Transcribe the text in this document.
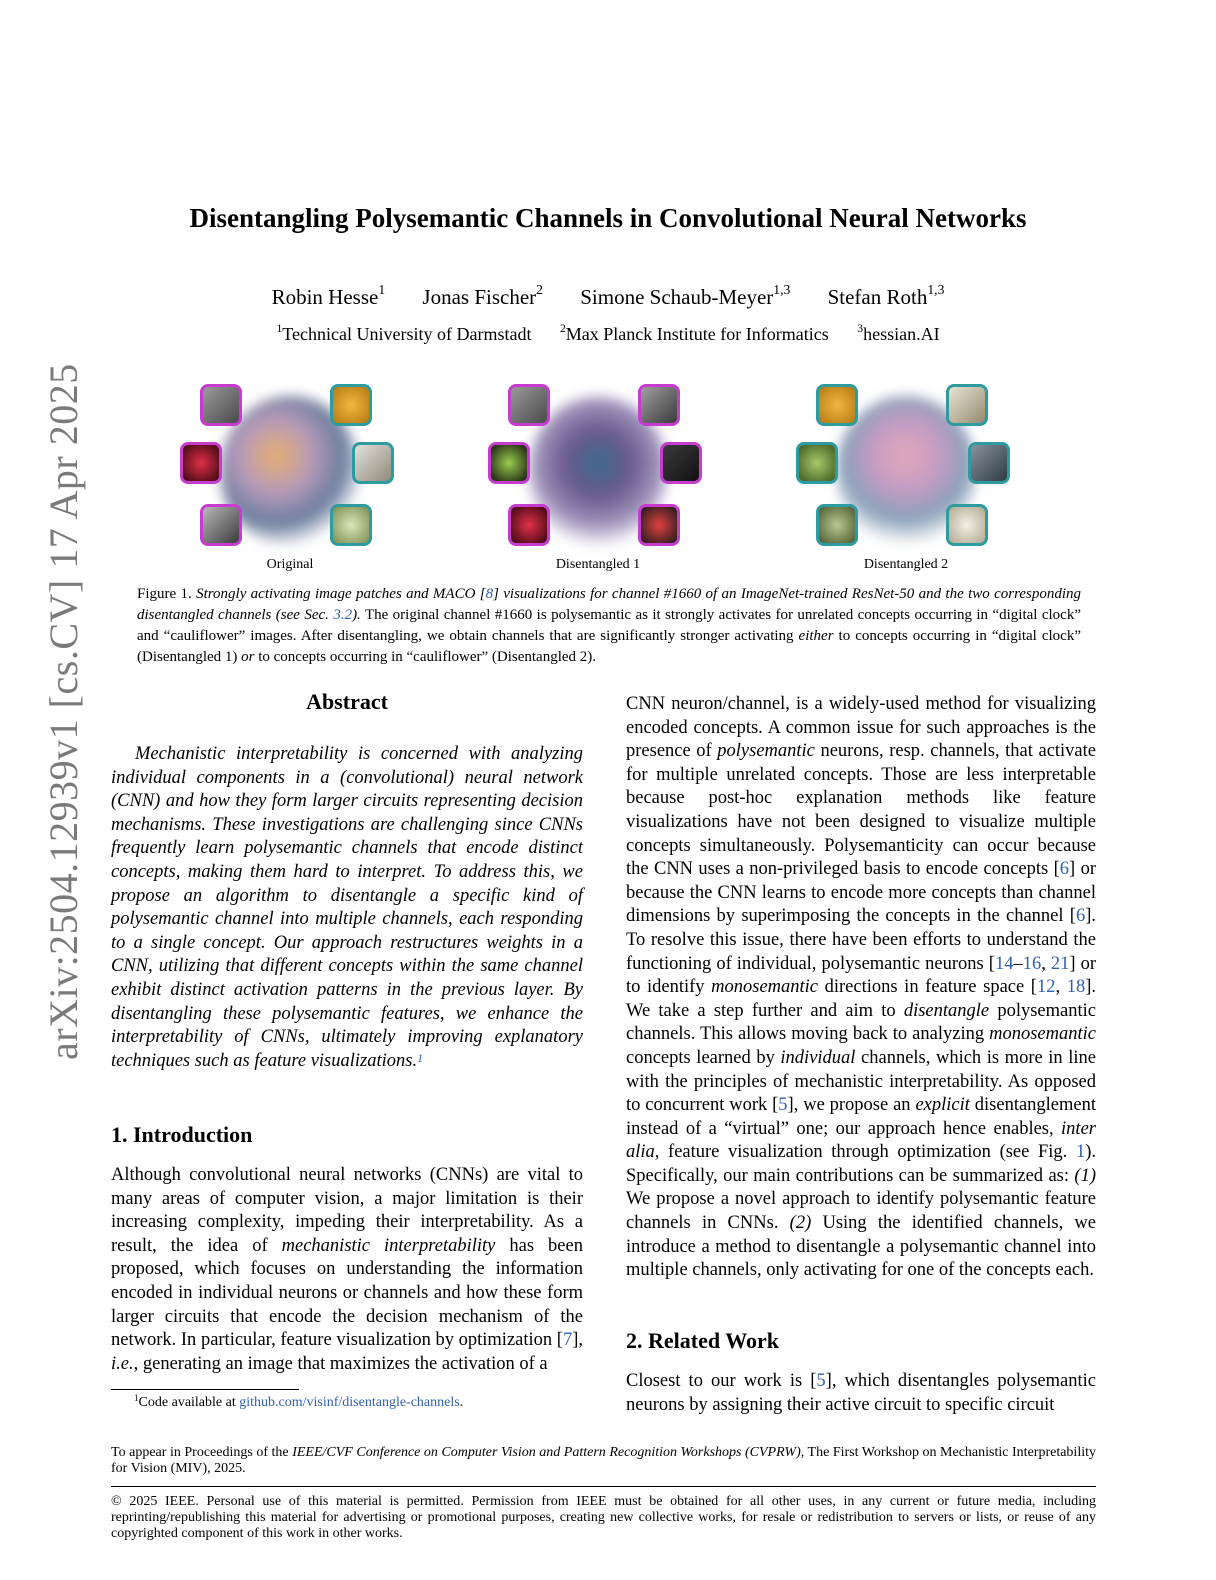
arXiv:2504.12939v1 [cs.CV] 17 Apr 2025
Disentangling Polysemantic Channels in Convolutional Neural Networks
Robin Hesse$^1$ Jonas Fischer$^2$ Simone Schaub-Meyer$^{1,3}$ Stefan Roth$^{1,3}$
$^1$Technical University of Darmstadt $^2$Max Planck Institute for Informatics $^3$hessian.AI
Original	Disentangled 1	Disentangled 2
Figure 1. Strongly activating image patches and MACO [8] visualizations for channel #1660 of an ImageNet-trained ResNet-50 and the two corresponding disentangled channels (see Sec. 3.2). The original channel #1660 is polysemantic as it strongly activates for unrelated concepts occurring in “digital clock” and “cauliflower” images. After disentangling, we obtain channels that are significantly stronger activating either to concepts occurring in “digital clock” (Disentangled 1) or to concepts occurring in “cauliflower” (Disentangled 2).
Abstract
Mechanistic interpretability is concerned with analyzing individual components in a (convolutional) neural network (CNN) and how they form larger circuits representing decision mechanisms. These investigations are challenging since CNNs frequently learn polysemantic channels that encode distinct concepts, making them hard to interpret. To address this, we propose an algorithm to disentangle a specific kind of polysemantic channel into multiple channels, each responding to a single concept. Our approach restructures weights in a CNN, utilizing that different concepts within the same channel exhibit distinct activation patterns in the previous layer. By disentangling these polysemantic features, we enhance the interpretability of CNNs, ultimately improving explanatory techniques such as feature visualizations.$^1$
1. Introduction
Although convolutional neural networks (CNNs) are vital to many areas of computer vision, a major limitation is their increasing complexity, impeding their interpretability. As a result, the idea of mechanistic interpretability has been proposed, which focuses on understanding the information encoded in individual neurons or channels and how these form larger circuits that encode the decision mechanism of the network. In particular, feature visualization by optimization [7], i.e., generating an image that maximizes the activation of a
CNN neuron/channel, is a widely-used method for visualizing encoded concepts. A common issue for such approaches is the presence of polysemantic neurons, resp. channels, that activate for multiple unrelated concepts. Those are less interpretable because post-hoc explanation methods like feature visualizations have not been designed to visualize multiple concepts simultaneously. Polysemanticity can occur because the CNN uses a non-privileged basis to encode concepts [6] or because the CNN learns to encode more concepts than channel dimensions by superimposing the concepts in the channel [6]. To resolve this issue, there have been efforts to understand the functioning of individual, polysemantic neurons [14–16, 21] or to identify monosemantic directions in feature space [12, 18]. We take a step further and aim to disentangle polysemantic channels. This allows moving back to analyzing monosemantic concepts learned by individual channels, which is more in line with the principles of mechanistic interpretability. As opposed to concurrent work [5], we propose an explicit disentanglement instead of a “virtual” one; our approach hence enables, inter alia, feature visualization through optimization (see Fig. 1). Specifically, our main contributions can be summarized as: (1) We propose a novel approach to identify polysemantic feature channels in CNNs. (2) Using the identified channels, we introduce a method to disentangle a polysemantic channel into multiple channels, only activating for one of the concepts each.
2. Related Work
Closest to our work is [5], which disentangles polysemantic neurons by assigning their active circuit to specific circuit
$^1$Code available at github.com/visinf/disentangle-channels.
To appear in Proceedings of the IEEE/CVF Conference on Computer Vision and Pattern Recognition Workshops (CVPRW), The First Workshop on Mechanistic Interpretability for Vision (MIV), 2025.
© 2025 IEEE. Personal use of this material is permitted. Permission from IEEE must be obtained for all other uses, in any current or future media, including reprinting/republishing this material for advertising or promotional purposes, creating new collective works, for resale or redistribution to servers or lists, or reuse of any copyrighted component of this work in other works.
